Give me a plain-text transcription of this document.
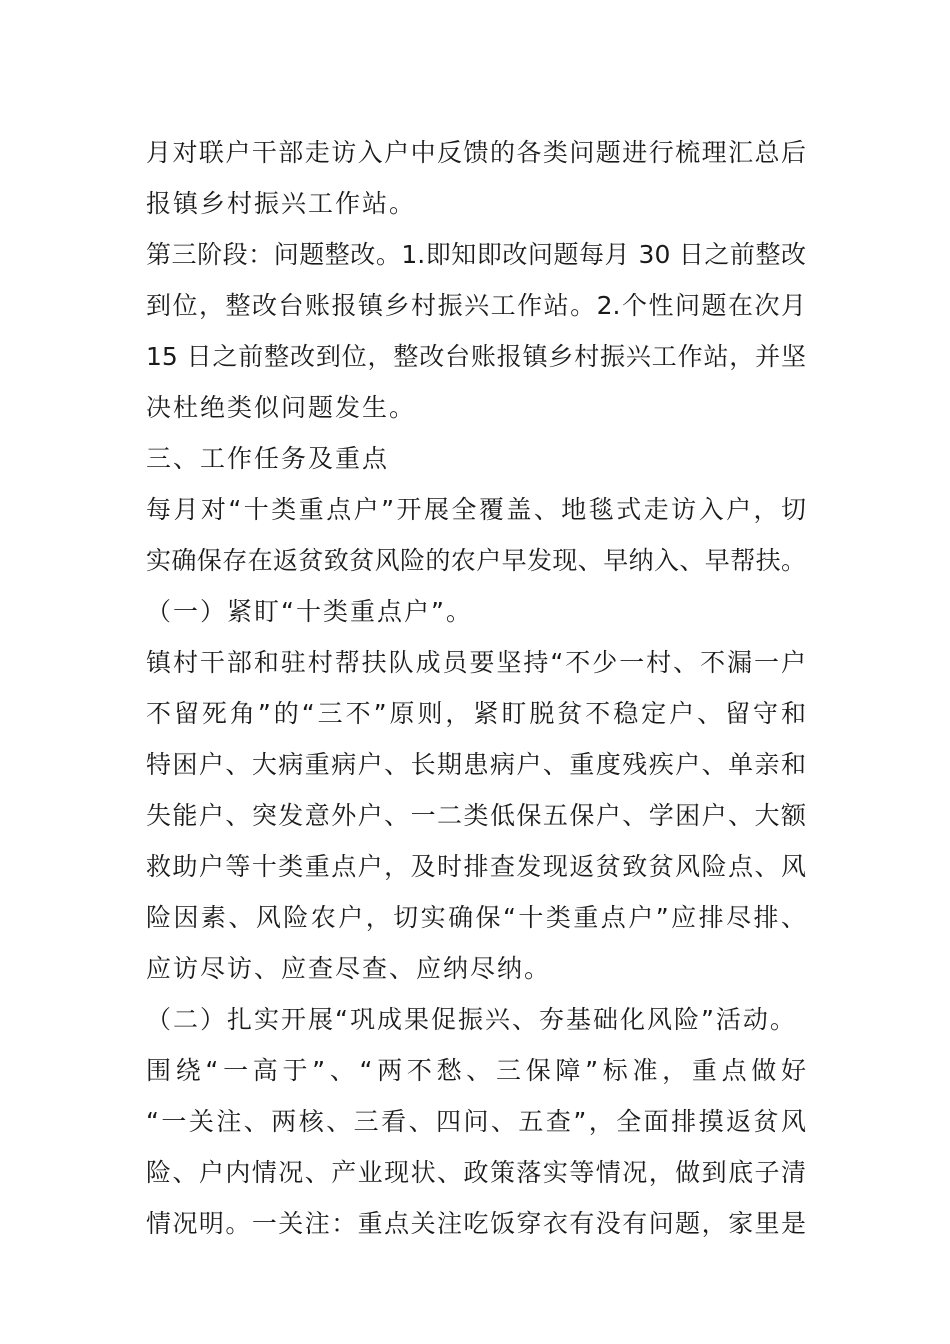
月对联户干部走访入户中反馈的各类问题进行梳理汇总后
报镇乡村振兴工作站。
第三阶段：问题整改。1.即知即改问题每月 30 日之前整改
到位，整改台账报镇乡村振兴工作站。2.个性问题在次月
15 日之前整改到位，整改台账报镇乡村振兴工作站，并坚
决杜绝类似问题发生。
三、工作任务及重点
每月对“十类重点户”开展全覆盖、地毯式走访入户，切
实确保存在返贫致贫风险的农户早发现、早纳入、早帮扶。
（一）紧盯“十类重点户”。
镇村干部和驻村帮扶队成员要坚持“不少一村、不漏一户
不留死角”的“三不”原则，紧盯脱贫不稳定户、留守和
特困户、大病重病户、长期患病户、重度残疾户、单亲和
失能户、突发意外户、一二类低保五保户、学困户、大额
救助户等十类重点户，及时排查发现返贫致贫风险点、风
险因素、风险农户，切实确保“十类重点户”应排尽排、
应访尽访、应查尽查、应纳尽纳。
（二）扎实开展“巩成果促振兴、夯基础化风险”活动。
围绕“一高于”、“两不愁、三保障”标准，重点做好
“一关注、两核、三看、四问、五查”，全面排摸返贫风
险、户内情况、产业现状、政策落实等情况，做到底子清
情况明。一关注：重点关注吃饭穿衣有没有问题，家里是
